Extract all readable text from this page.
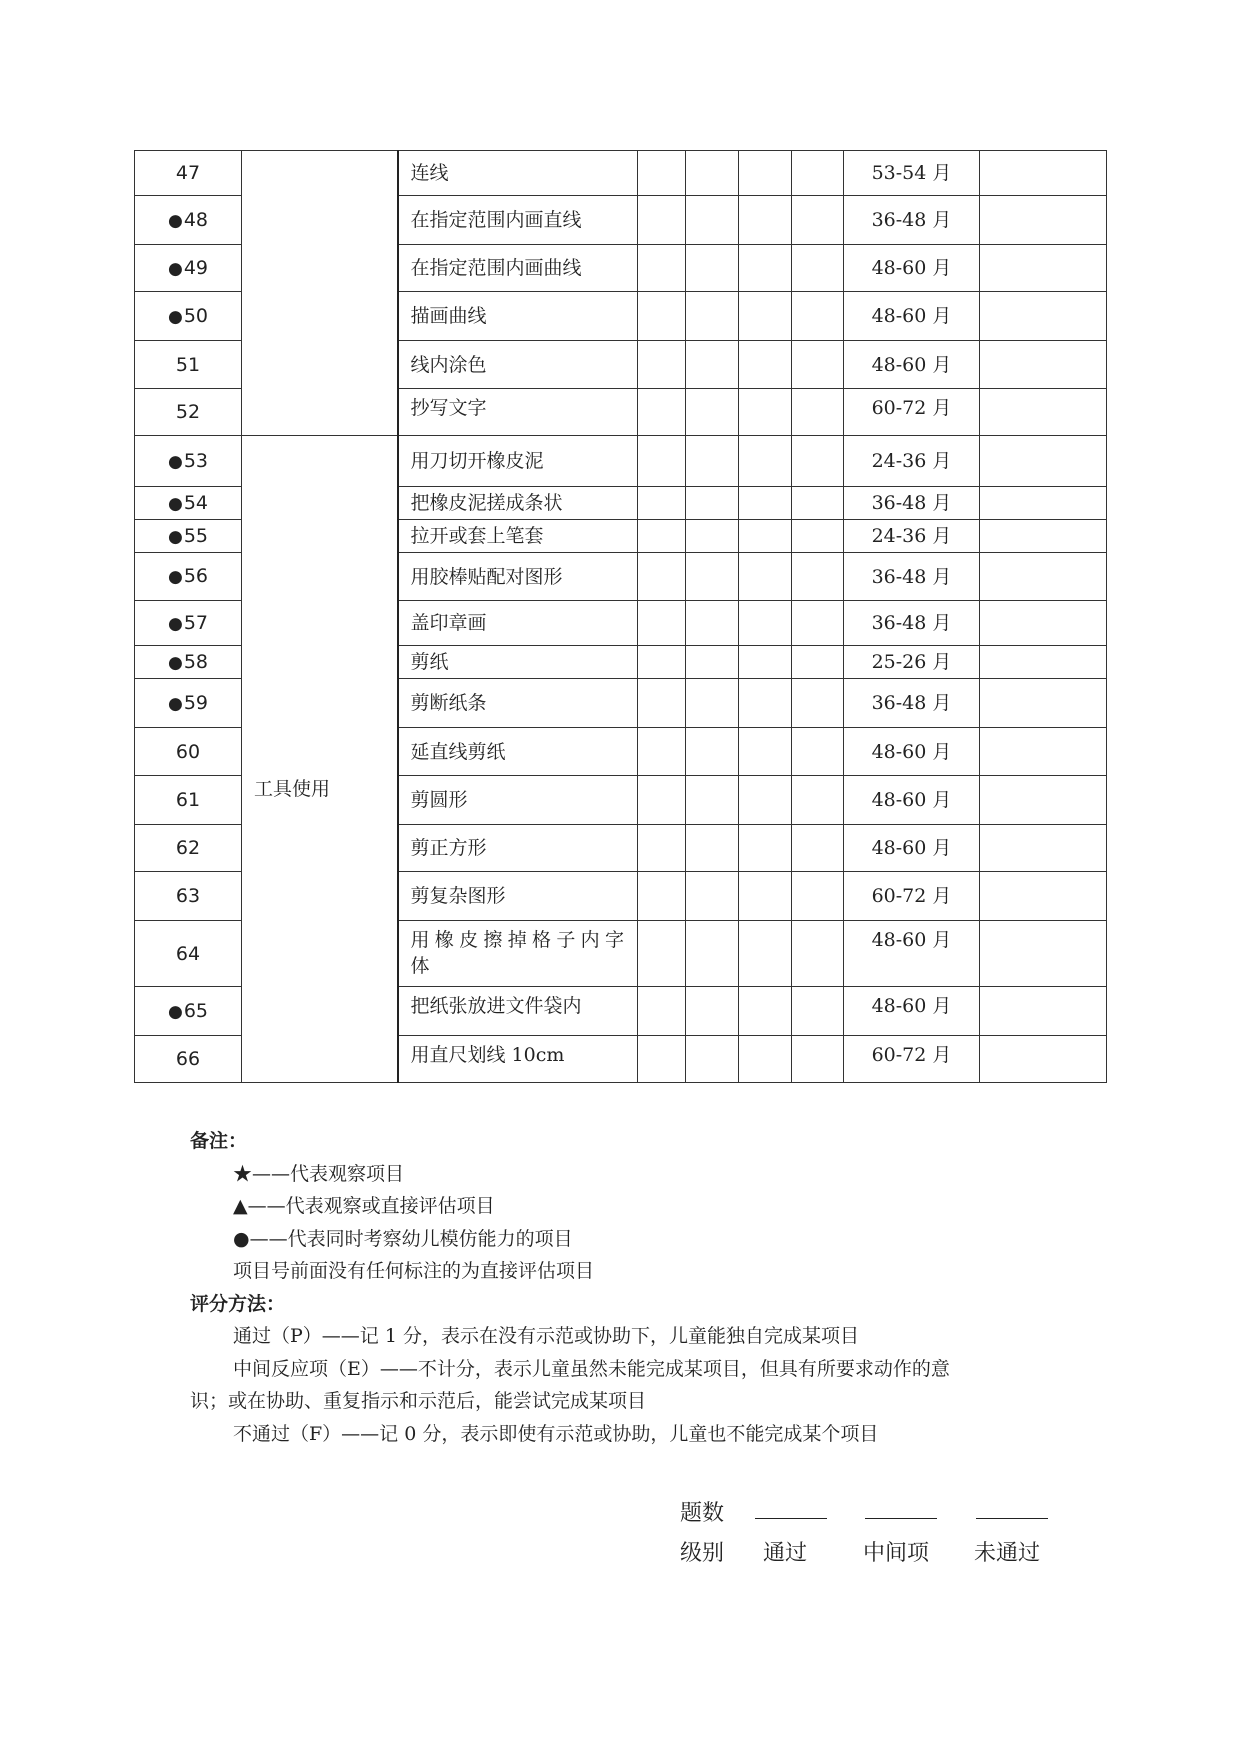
47		连线					53-54 月	
●48		在指定范围内画直线					36-48 月	
●49		在指定范围内画曲线					48-60 月	
●50		描画曲线					48-60 月	
51		线内涂色					48-60 月	
52		抄写文字					60-72 月	
●53	工具使用	用刀切开橡皮泥					24-36 月	
●54		把橡皮泥搓成条状					36-48 月	
●55		拉开或套上笔套					24-36 月	
●56		用胶棒贴配对图形					36-48 月	
●57		盖印章画					36-48 月	
●58		剪纸					25-26 月	
●59		剪断纸条					36-48 月	
60		延直线剪纸					48-60 月	
61		剪圆形					48-60 月	
62		剪正方形					48-60 月	
63		剪复杂图形					60-72 月	
64		用橡皮擦掉格子内字体					48-60 月	
●65		把纸张放进文件袋内					48-60 月	
66		用直尺划线 10cm					60-72 月	
备注：
★——代表观察项目
▲——代表观察或直接评估项目
●——代表同时考察幼儿模仿能力的项目
项目号前面没有任何标注的为直接评估项目
评分方法：
通过（P）——记 1 分，表示在没有示范或协助下，儿童能独自完成某项目
中间反应项（E）——不计分，表示儿童虽然未能完成某项目，但具有所要求动作的意
识；或在协助、重复指示和示范后，能尝试完成某项目
不通过（F）——记 0 分，表示即使有示范或协助，儿童也不能完成某个项目
题数
级别 通过	中间项 未通过
